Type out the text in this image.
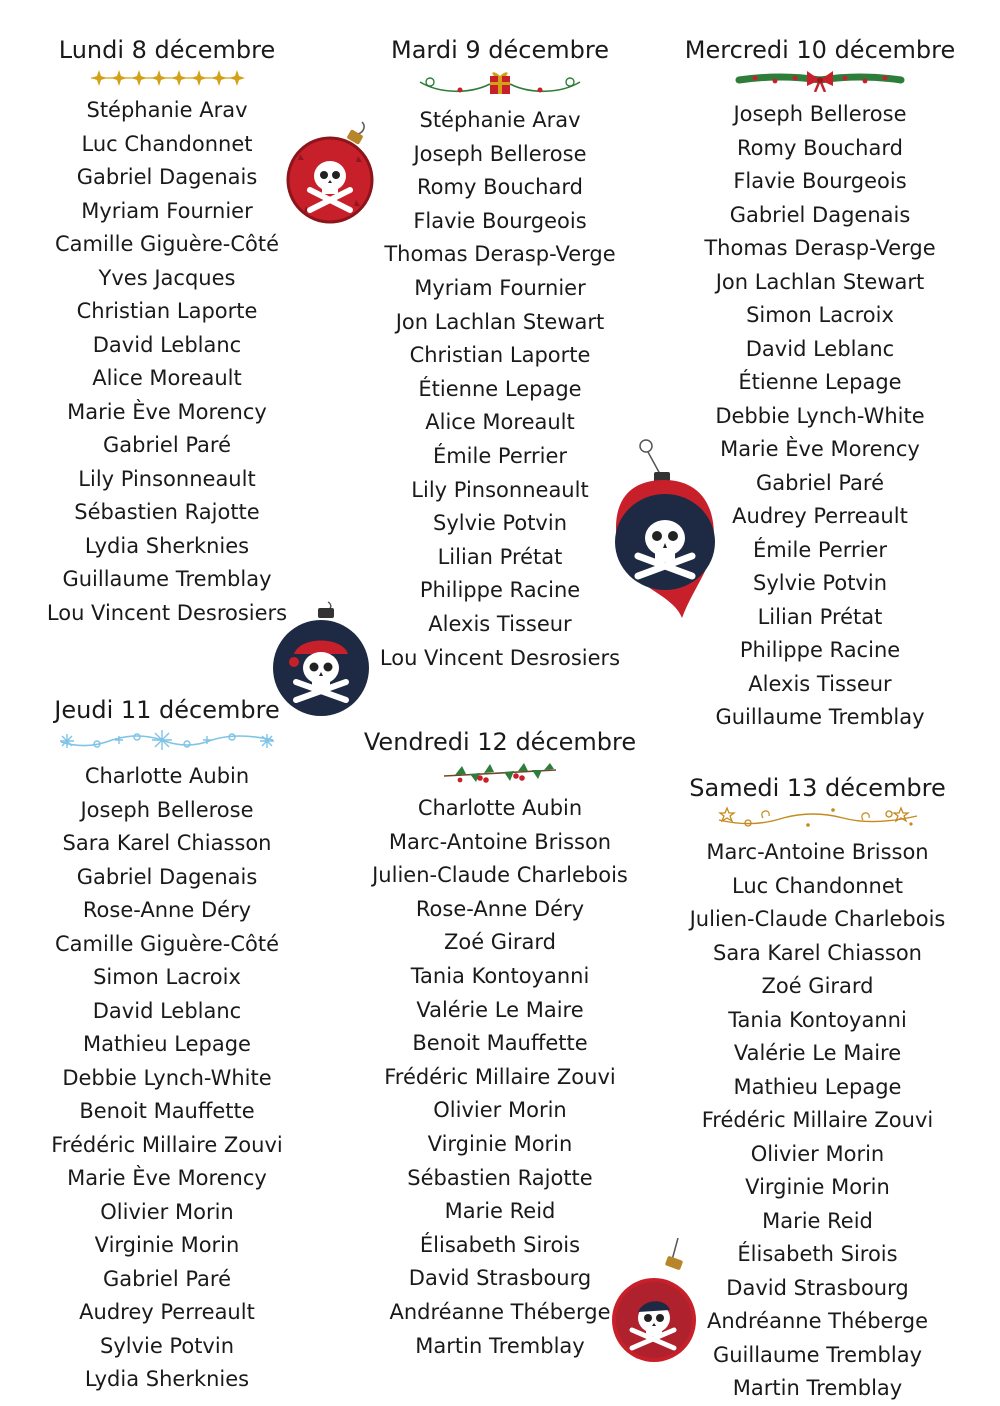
Lundi 8 décembre
Stéphanie Arav
Luc Chandonnet
Gabriel Dagenais
Myriam Fournier
Camille Giguère-Côté
Yves Jacques
Christian Laporte
David Leblanc
Alice Moreault
Marie Ève Morency
Gabriel Paré
Lily Pinsonneault
Sébastien Rajotte
Lydia Sherknies
Guillaume Tremblay
Lou Vincent Desrosiers
Mardi 9 décembre
Stéphanie Arav
Joseph Bellerose
Romy Bouchard
Flavie Bourgeois
Thomas Derasp-Verge
Myriam Fournier
Jon Lachlan Stewart
Christian Laporte
Étienne Lepage
Alice Moreault
Émile Perrier
Lily Pinsonneault
Sylvie Potvin
Lilian Prétat
Philippe Racine
Alexis Tisseur
Lou Vincent Desrosiers
Mercredi 10 décembre
Joseph Bellerose
Romy Bouchard
Flavie Bourgeois
Gabriel Dagenais
Thomas Derasp-Verge
Jon Lachlan Stewart
Simon Lacroix
David Leblanc
Étienne Lepage
Debbie Lynch-White
Marie Ève Morency
Gabriel Paré
Audrey Perreault
Émile Perrier
Sylvie Potvin
Lilian Prétat
Philippe Racine
Alexis Tisseur
Guillaume Tremblay
Jeudi 11 décembre
Charlotte Aubin
Joseph Bellerose
Sara Karel Chiasson
Gabriel Dagenais
Rose-Anne Déry
Camille Giguère-Côté
Simon Lacroix
David Leblanc
Mathieu Lepage
Debbie Lynch-White
Benoit Mauffette
Frédéric Millaire Zouvi
Marie Ève Morency
Olivier Morin
Virginie Morin
Gabriel Paré
Audrey Perreault
Sylvie Potvin
Lydia Sherknies
Vendredi 12 décembre
Charlotte Aubin
Marc-Antoine Brisson
Julien-Claude Charlebois
Rose-Anne Déry
Zoé Girard
Tania Kontoyanni
Valérie Le Maire
Benoit Mauffette
Frédéric Millaire Zouvi
Olivier Morin
Virginie Morin
Sébastien Rajotte
Marie Reid
Élisabeth Sirois
David Strasbourg
Andréanne Théberge
Martin Tremblay
Samedi 13 décembre
Marc-Antoine Brisson
Luc Chandonnet
Julien-Claude Charlebois
Sara Karel Chiasson
Zoé Girard
Tania Kontoyanni
Valérie Le Maire
Mathieu Lepage
Frédéric Millaire Zouvi
Olivier Morin
Virginie Morin
Marie Reid
Élisabeth Sirois
David Strasbourg
Andréanne Théberge
Guillaume Tremblay
Martin Tremblay
